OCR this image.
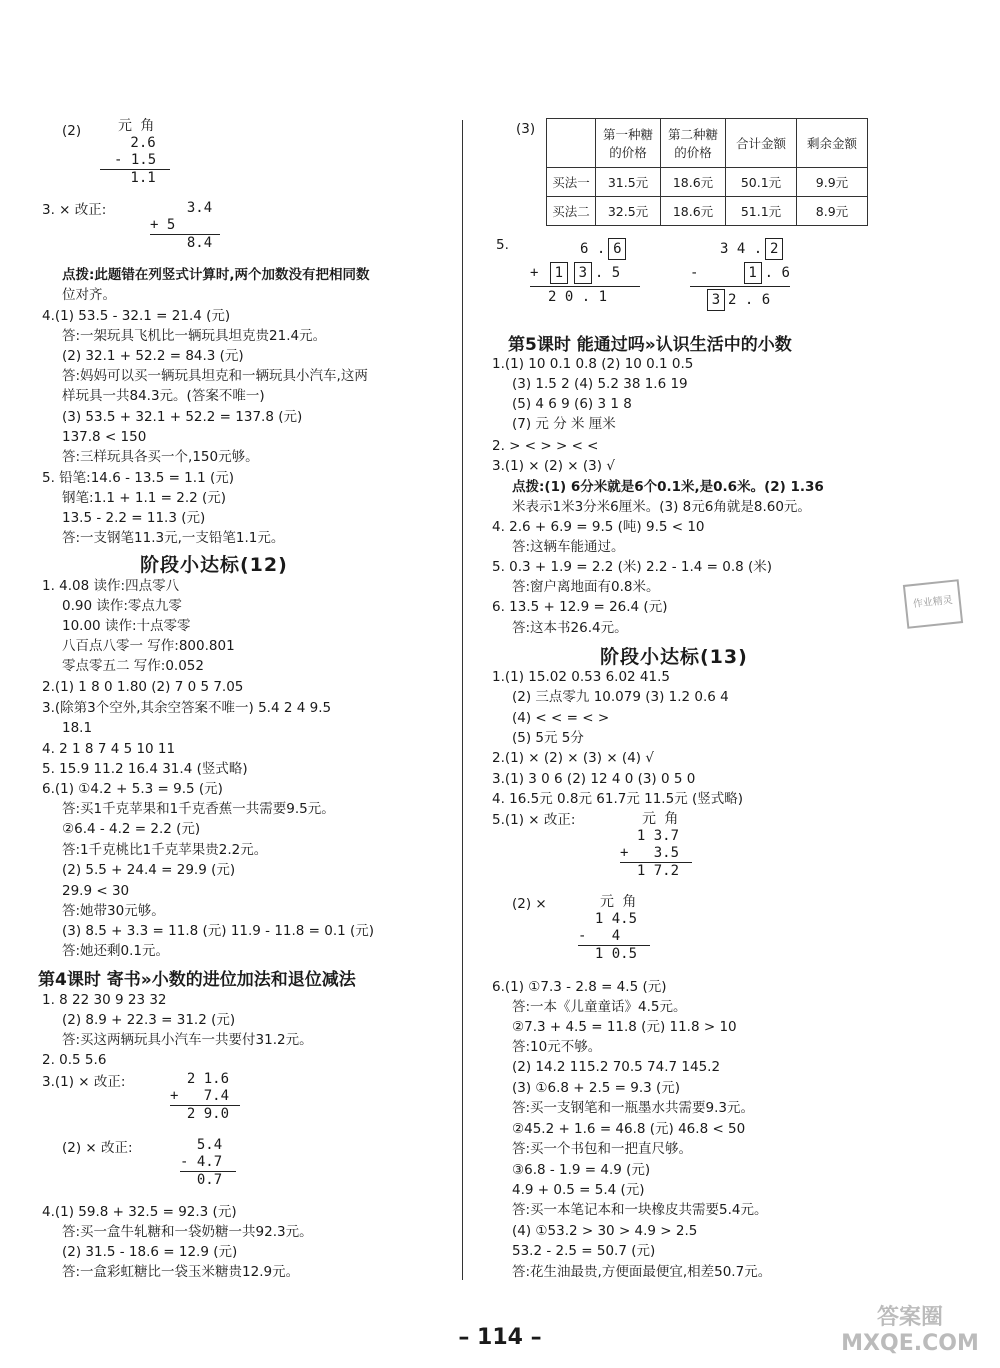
(2)	元 角
2.6
- 1.5
1.1
3. × 改正:	3.4
+ 5
8.4
点拨:此题错在列竖式计算时,两个加数没有把相同数
位对齐。
4.(1) 53.5 - 32.1 = 21.4 (元)
答:一架玩具飞机比一辆玩具坦克贵21.4元。
(2) 32.1 + 52.2 = 84.3 (元)
答:妈妈可以买一辆玩具坦克和一辆玩具小汽车,这两
样玩具一共84.3元。(答案不唯一)
(3) 53.5 + 32.1 + 52.2 = 137.8 (元)
137.8 < 150
答:三样玩具各买一个,150元够。
5. 铅笔:14.6 - 13.5 = 1.1 (元)
钢笔:1.1 + 1.1 = 2.2 (元)
13.5 - 2.2 = 11.3 (元)
答:一支钢笔11.3元,一支铅笔1.1元。
阶段小达标(12)
1. 4.08 读作:四点零八
0.90 读作:零点九零
10.00 读作:十点零零
八百点八零一 写作:800.801
零点零五二 写作:0.052
2.(1) 1 8 0 1.80 (2) 7 0 5 7.05
3.(除第3个空外,其余空答案不唯一) 5.4 2 4 9.5
18.1
4. 2 1 8 7 4 5 10 11
5. 15.9 11.2 16.4 31.4 (竖式略)
6.(1) ①4.2 + 5.3 = 9.5 (元)
答:买1千克苹果和1千克香蕉一共需要9.5元。
②6.4 - 4.2 = 2.2 (元)
答:1千克桃比1千克苹果贵2.2元。
(2) 5.5 + 24.4 = 29.9 (元)
29.9 < 30
答:她带30元够。
(3) 8.5 + 3.3 = 11.8 (元) 11.9 - 11.8 = 0.1 (元)
答:她还剩0.1元。
第4课时 寄书»小数的进位加法和退位减法
1. 8 22 30 9 23 32
(2) 8.9 + 22.3 = 31.2 (元)
答:买这两辆玩具小汽车一共要付31.2元。
2. 0.5 5.6
3.(1) × 改正:	2 1.6
+   7.4
2 9.0
(2) × 改正:	5.4
- 4.7
0.7
4.(1) 59.8 + 32.5 = 92.3 (元)
答:买一盒牛轧糖和一袋奶糖一共92.3元。
(2) 31.5 - 18.6 = 12.9 (元)
答:一盒彩虹糖比一袋玉米糖贵12.9元。
(3)
		第一种糖的价格	第二种糖的价格	合计金额	剩余金额
买法一	31.5元	18.6元	50.1元	9.9元
买法二	32.5元	18.6元	51.1元	8.9元
5.	6 . 6
+ 1 3 . 5
2 0 . 1
3 4 . 2
-	1 . 6
3 2 . 6
第5课时 能通过吗»认识生活中的小数
1.(1) 10 0.1 0.8 (2) 10 0.1 0.5
(3) 1.5 2 (4) 5.2 38 1.6 19
(5) 4 6 9 (6) 3 1 8
(7) 元 分 米 厘米
2. > < > > < <
3.(1) × (2) × (3) √
点拨:(1) 6分米就是6个0.1米,是0.6米。(2) 1.36
米表示1米3分米6厘米。(3) 8元6角就是8.60元。
4. 2.6 + 6.9 = 9.5 (吨) 9.5 < 10
答:这辆车能通过。
5. 0.3 + 1.9 = 2.2 (米) 2.2 - 1.4 = 0.8 (米)
答:窗户离地面有0.8米。
6. 13.5 + 12.9 = 26.4 (元)
答:这本书26.4元。
阶段小达标(13)
1.(1) 15.02 0.53 6.02 41.5
(2) 三点零九 10.079 (3) 1.2 0.6 4
(4) < < = < >
(5) 5元 5分
2.(1) × (2) × (3) × (4) √
3.(1) 3 0 6 (2) 12 4 0 (3) 0 5 0
4. 16.5元 0.8元 61.7元 11.5元 (竖式略)
5.(1) × 改正:	元 角
1 3.7
+   3.5
1 7.2
(2) ×	元 角
1 4.5
-   4
1 0.5
6.(1) ①7.3 - 2.8 = 4.5 (元)
答:一本《儿童童话》4.5元。
②7.3 + 4.5 = 11.8 (元) 11.8 > 10
答:10元不够。
(2) 14.2 115.2 70.5 74.7 145.2
(3) ①6.8 + 2.5 = 9.3 (元)
答:买一支钢笔和一瓶墨水共需要9.3元。
②45.2 + 1.6 = 46.8 (元) 46.8 < 50
答:买一个书包和一把直尺够。
③6.8 - 1.9 = 4.9 (元)
4.9 + 0.5 = 5.4 (元)
答:买一本笔记本和一块橡皮共需要5.4元。
(4) ①53.2 > 30 > 4.9 > 2.5
53.2 - 2.5 = 50.7 (元)
答:花生油最贵,方便面最便宜,相差50.7元。
作业精灵
答案圈 MXQE.COM
– 114 –
